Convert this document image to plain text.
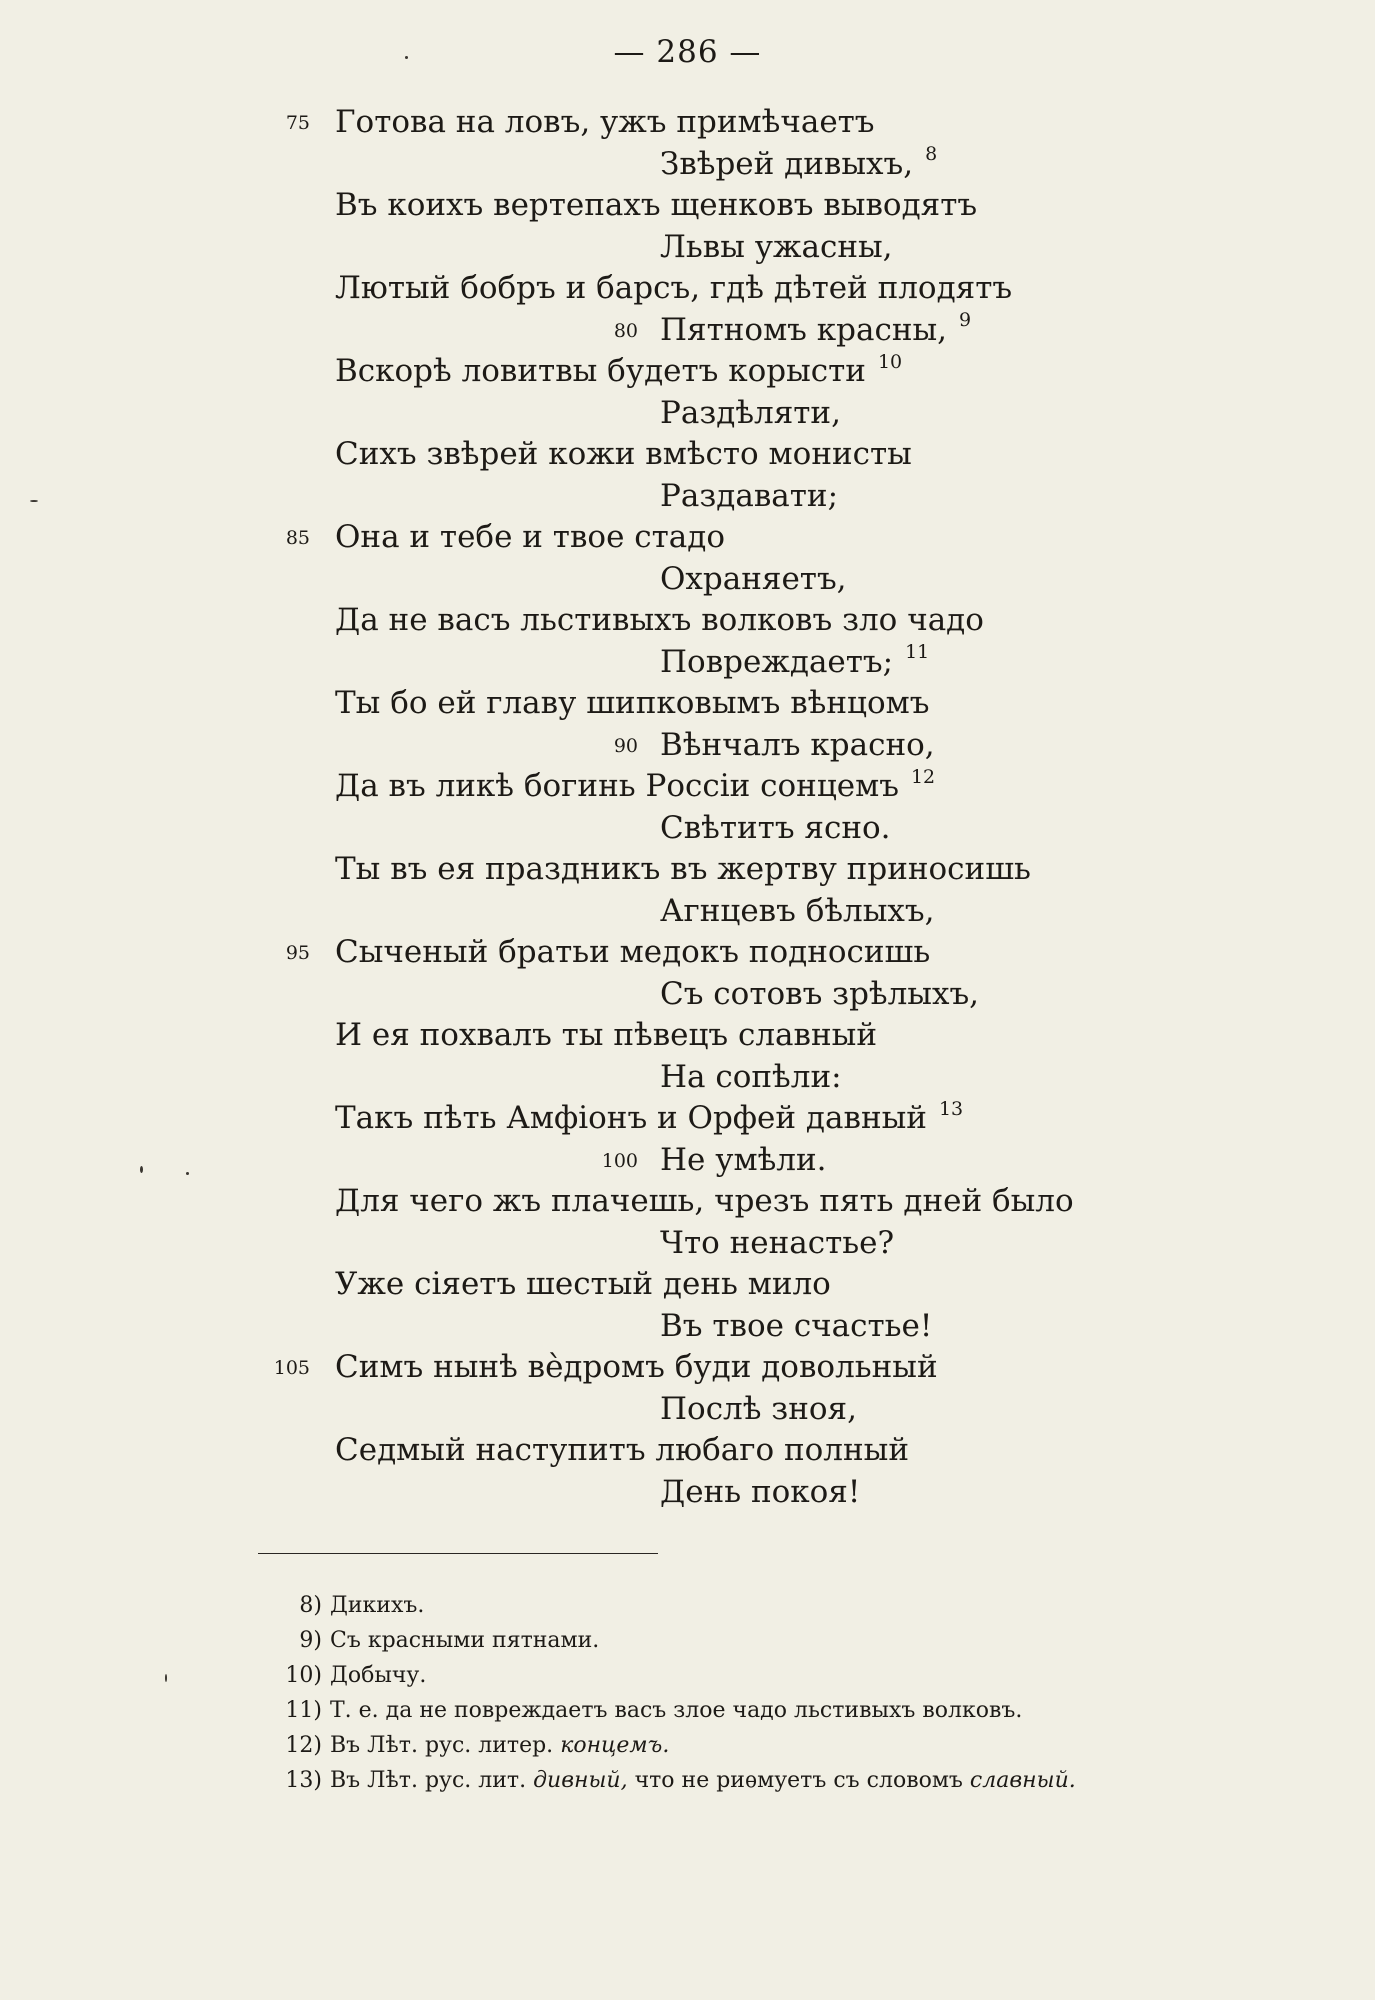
— 286 —
75 Готова на ловъ, ужъ примѣчаетъ
Звѣрей дивыхъ, $^8$
Въ коихъ вертепахъ щенковъ выводятъ
Львы ужасны,
Лютый бобръ и барсъ, гдѣ дѣтей плодятъ
80 Пятномъ красны, $^9$
Вскорѣ ловитвы будетъ корысти $^{10}$
Раздѣляти,
Сихъ звѣрей кожи вмѣсто монисты
Раздавати;
85 Она и тебе и твое стадо
Охраняетъ,
Да не васъ льстивыхъ волковъ зло чадо
Повреждаетъ; $^{11}$
Ты бо ей главу шипковымъ вѣнцомъ
90 Вѣнчалъ красно,
Да въ ликѣ богинь Россіи сонцемъ $^{12}$
Свѣтитъ ясно.
Ты въ ея праздникъ въ жертву приносишь
Агнцевъ бѣлыхъ,
95 Сыченый братьи медокъ подносишь
Съ сотовъ зрѣлыхъ,
И ея похвалъ ты пѣвецъ славный
На сопѣли:
Такъ пѣть Амфіонъ и Орфей давный $^{13}$
100 Не умѣли.
Для чего жъ плачешь, чрезъ пять дней было
Что ненастье?
Уже сіяетъ шестый день мило
Въ твое счастье!
105 Симъ нынѣ вѐдромъ буди довольный
Послѣ зноя,
Седмый наступитъ любаго полный
День покоя!
8) Дикихъ.
9) Съ красными пятнами.
10) Добычу.
11) Т. е. да не повреждаетъ васъ злое чадо льстивыхъ волковъ.
12) Въ Лѣт. рус. литер. концемъ.
13) Въ Лѣт. рус. лит. дивный, что не риѳмуетъ съ словомъ славный.
